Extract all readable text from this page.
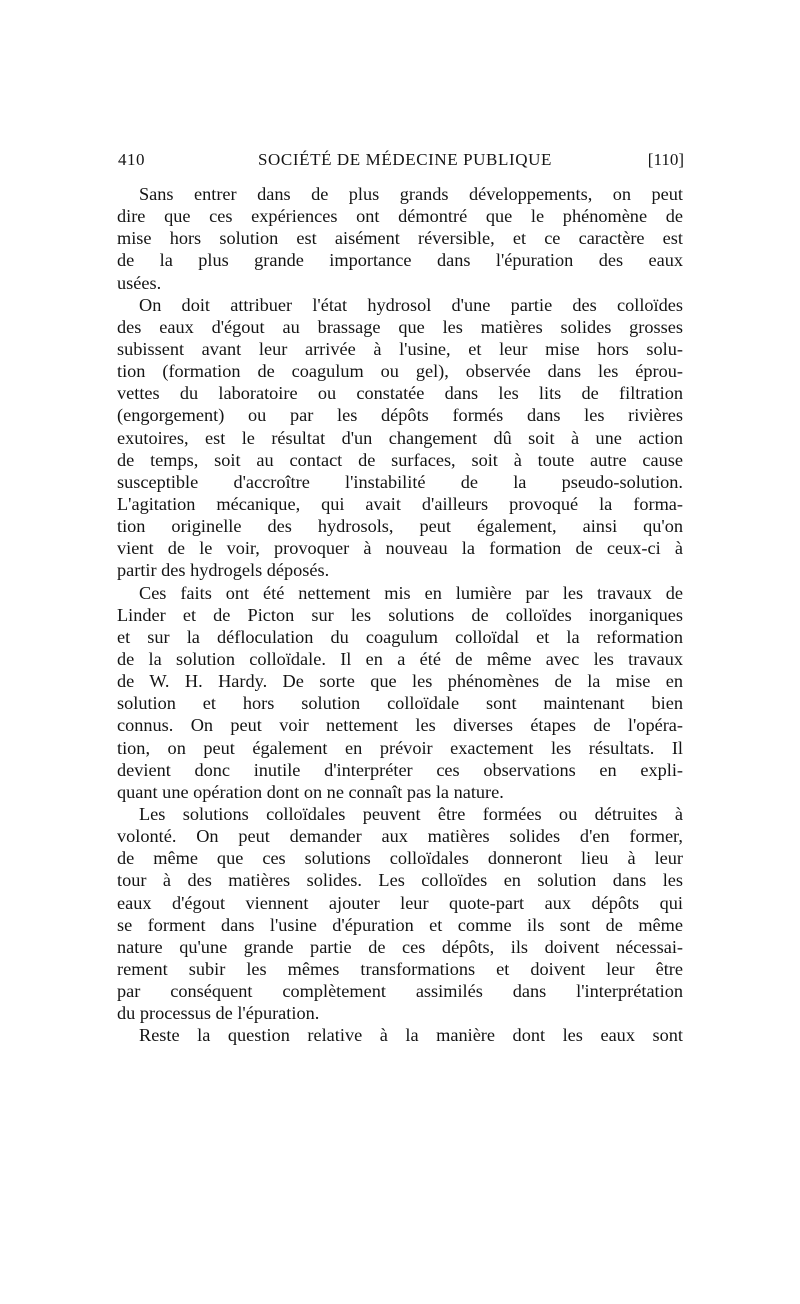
410	SOCIÉTÉ DE MÉDECINE PUBLIQUE	[110]
Sans entrer dans de plus grands développements, on peut
dire que ces expériences ont démontré que le phénomène de
mise hors solution est aisément réversible, et ce caractère est
de la plus grande importance dans l'épuration des eaux
usées.
On doit attribuer l'état hydrosol d'une partie des colloïdes
des eaux d'égout au brassage que les matières solides grosses
subissent avant leur arrivée à l'usine, et leur mise hors solu-
tion (formation de coagulum ou gel), observée dans les éprou-
vettes du laboratoire ou constatée dans les lits de filtration
(engorgement) ou par les dépôts formés dans les rivières
exutoires, est le résultat d'un changement dû soit à une action
de temps, soit au contact de surfaces, soit à toute autre cause
susceptible d'accroître l'instabilité de la pseudo-solution.
L'agitation mécanique, qui avait d'ailleurs provoqué la forma-
tion originelle des hydrosols, peut également, ainsi qu'on
vient de le voir, provoquer à nouveau la formation de ceux-ci à
partir des hydrogels déposés.
Ces faits ont été nettement mis en lumière par les travaux de
Linder et de Picton sur les solutions de colloïdes inorganiques
et sur la défloculation du coagulum colloïdal et la reformation
de la solution colloïdale. Il en a été de même avec les travaux
de W. H. Hardy. De sorte que les phénomènes de la mise en
solution et hors solution colloïdale sont maintenant bien
connus. On peut voir nettement les diverses étapes de l'opéra-
tion, on peut également en prévoir exactement les résultats. Il
devient donc inutile d'interpréter ces observations en expli-
quant une opération dont on ne connaît pas la nature.
Les solutions colloïdales peuvent être formées ou détruites à
volonté. On peut demander aux matières solides d'en former,
de même que ces solutions colloïdales donneront lieu à leur
tour à des matières solides. Les colloïdes en solution dans les
eaux d'égout viennent ajouter leur quote-part aux dépôts qui
se forment dans l'usine d'épuration et comme ils sont de même
nature qu'une grande partie de ces dépôts, ils doivent nécessai-
rement subir les mêmes transformations et doivent leur être
par conséquent complètement assimilés dans l'interprétation
du processus de l'épuration.
Reste la question relative à la manière dont les eaux sont
